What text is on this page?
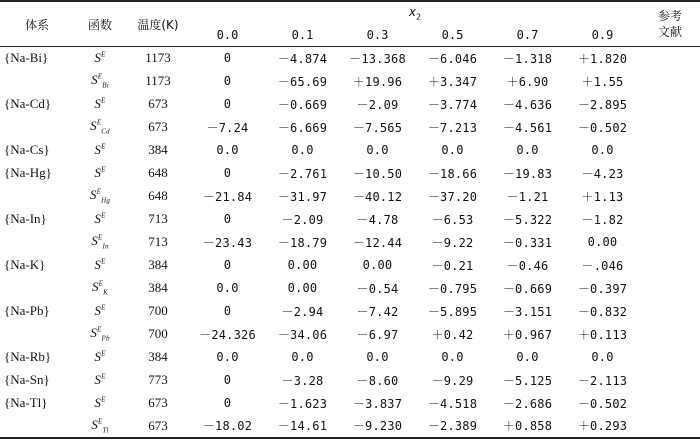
体系	函数	温度(K)	$x_2$						参考
文献

			0.0	0.1	0.3	0.5	0.7	0.9	
{Na-Bi}	$S^E$	1173	0	－4.874	－13.368	－6.046	－1.318	＋1.820	
	$S^E_{Bi}$	1173	0	－65.69	＋19.96	＋3.347	＋6.90	＋1.55	
{Na-Cd}	$S^E$	673	0	－0.669	－2.09	－3.774	－4.636	－2.895	
	$S^E_{Cd}$	673	－7.24	－6.669	－7.565	－7.213	－4.561	－0.502	
{Na-Cs}	$S^E$	384	0.0	0.0	0.0	0.0	0.0	0.0	
{Na-Hg}	$S^E$	648	0	－2.761	－10.50	－18.66	－19.83	－4.23	
	$S^E_{Hg}$	648	－21.84	－31.97	－40.12	－37.20	－1.21	＋1.13	
{Na-In}	$S^E$	713	0	－2.09	－4.78	－6.53	－5.322	－1.82	
	$S^E_{In}$	713	－23.43	－18.79	－12.44	－9.22	－0.331	0.00	
{Na-K}	$S^E$	384	0	0.00	0.00	－0.21	－0.46	－.046	
	$S^E_K$	384	0.0	0.00	－0.54	－0.795	－0.669	－0.397	
{Na-Pb}	$S^E$	700	0	－2.94	－7.42	－5.895	－3.151	－0.832	
	$S^E_{Pb}$	700	－24.326	－34.06	－6.97	＋0.42	＋0.967	＋0.113	
{Na-Rb}	$S^E$	384	0.0	0.0	0.0	0.0	0.0	0.0	
{Na-Sn}	$S^E$	773	0	－3.28	－8.60	－9.29	－5.125	－2.113	
{Na-Tl}	$S^E$	673	0	－1.623	－3.837	－4.518	－2.686	－0.502	
	$S^E_{Tl}$	673	－18.02	－14.61	－9.230	－2.389	＋0.858	＋0.293	
